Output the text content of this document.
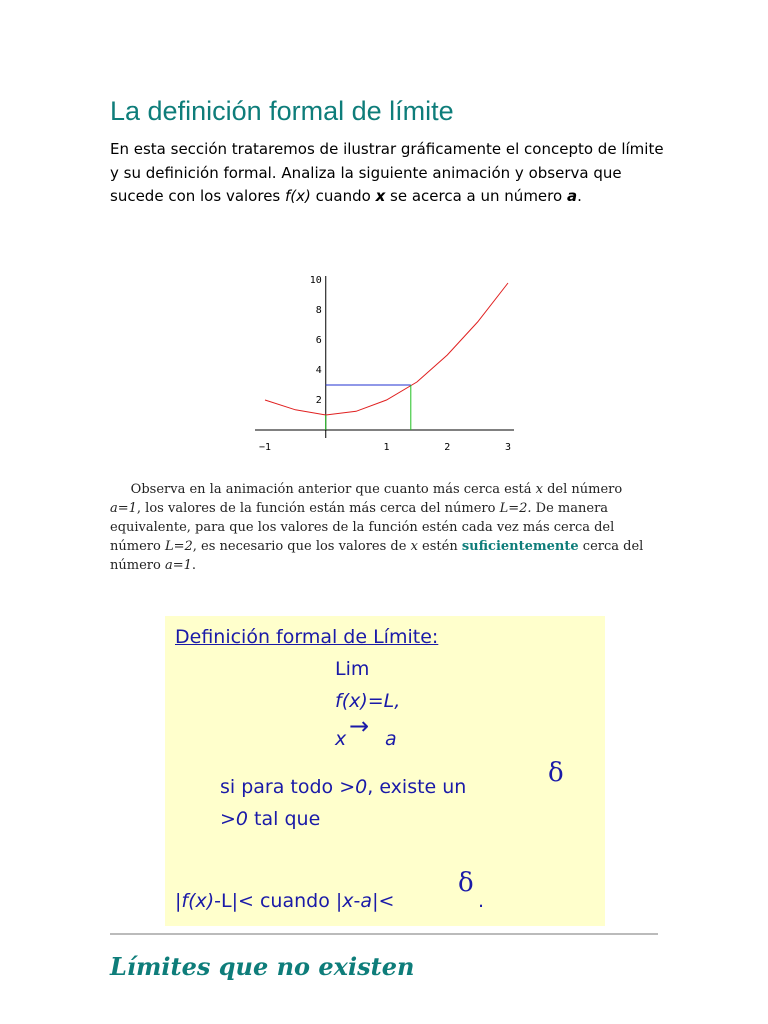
La definición formal de límite

En esta sección trataremos de ilustrar gráficamente el concepto de límite y su definición formal. Analiza la siguiente animación y observa que sucede con los valores f(x) cuando x se acerca a un número a.

−1	1	2	3
2
4
6
8
10

Observa en la animación anterior que cuanto más cerca está x del número a=1, los valores de la función están más cerca del número L=2. De manera equivalente, para que los valores de la función estén cada vez más cerca del número L=2, es necesario que los valores de x estén suficientemente cerca del número a=1.

Definición formal de Límite:

Lim

f(x)=L,

x → a

si para todo >0, existe un	δ

>0 tal que

|f(x)-L|< cuando |x-a|<

δ

.

Límites que no existen
